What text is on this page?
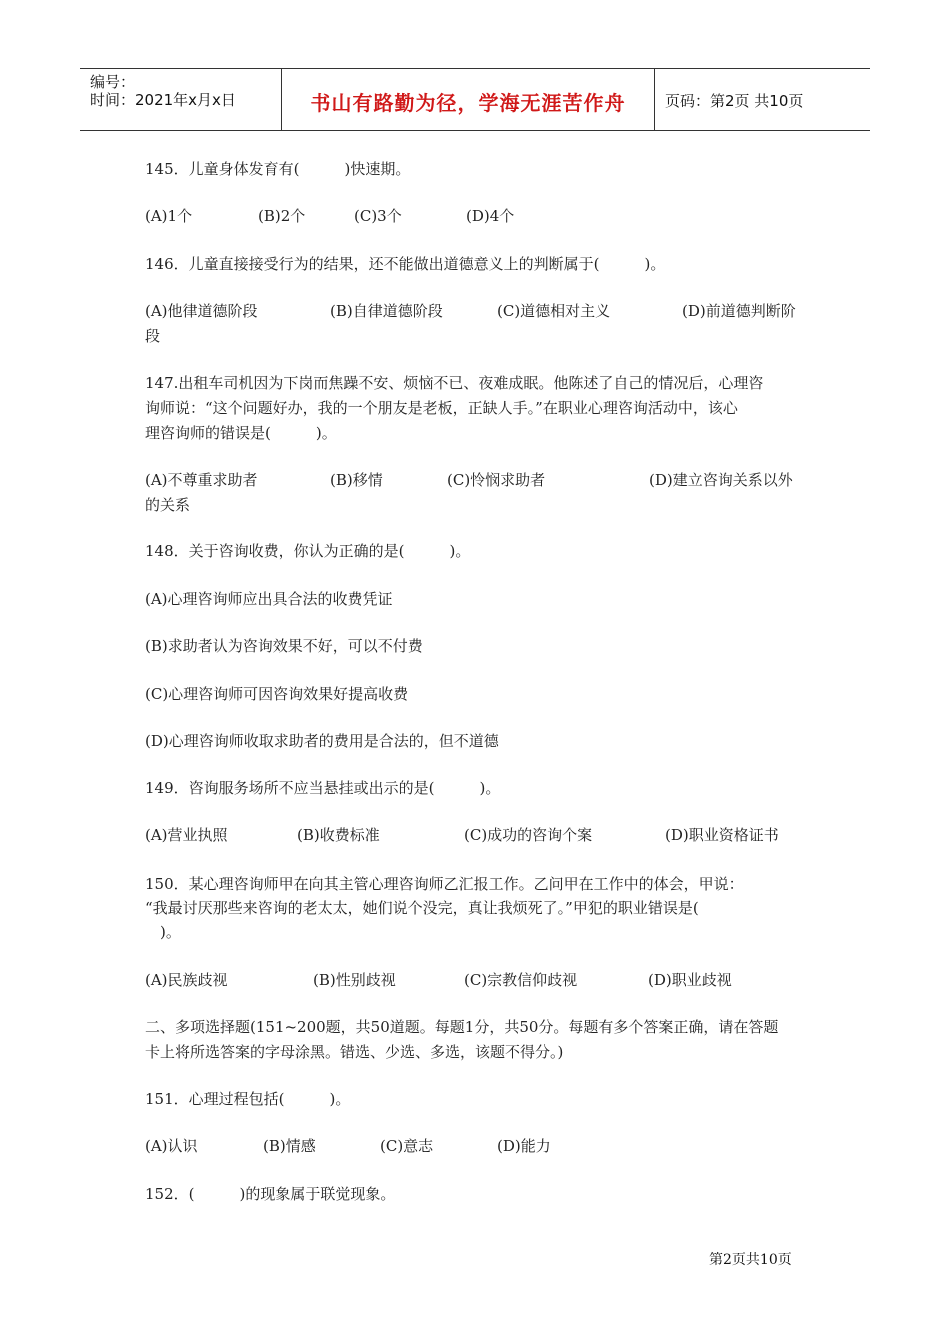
编号：
时间：2021年x月x日	书山有路勤为径，学海无涯苦作舟	页码：第2页 共10页
145．儿童身体发育有(　　　)快速期。
(A)1个	(B)2个	(C)3个	(D)4个
146．儿童直接接受行为的结果，还不能做出道德意义上的判断属于(　　　)。
(A)他律道德阶段	(B)自律道德阶段	(C)道德相对主义	(D)前道德判断阶
段
147.出租车司机因为下岗而焦躁不安、烦恼不已、夜难成眠。他陈述了自己的情况后，心理咨
询师说：“这个问题好办，我的一个朋友是老板，正缺人手。”在职业心理咨询活动中，该心
理咨询师的错误是(　　　)。
(A)不尊重求助者	(B)移情	(C)怜悯求助者	(D)建立咨询关系以外
的关系
148．关于咨询收费，你认为正确的是(　　　)。
(A)心理咨询师应出具合法的收费凭证
(B)求助者认为咨询效果不好，可以不付费
(C)心理咨询师可因咨询效果好提高收费
(D)心理咨询师收取求助者的费用是合法的，但不道德
149．咨询服务场所不应当悬挂或出示的是(　　　)。
(A)营业执照	(B)收费标准	(C)成功的咨询个案	(D)职业资格证书
150．某心理咨询师甲在向其主管心理咨询师乙汇报工作。乙问甲在工作中的体会，甲说：
“我最讨厌那些来咨询的老太太，她们说个没完，真让我烦死了。”甲犯的职业错误是(
　)。
(A)民族歧视	(B)性别歧视	(C)宗教信仰歧视	(D)职业歧视
二、多项选择题(151~200题，共50道题。每题1分，共50分。每题有多个答案正确，请在答题
卡上将所选答案的字母涂黑。错选、少选、多选，该题不得分。)
151．心理过程包括(　　　)。
(A)认识	(B)情感	(C)意志	(D)能力
152．(　　　)的现象属于联觉现象。
第2页共10页
